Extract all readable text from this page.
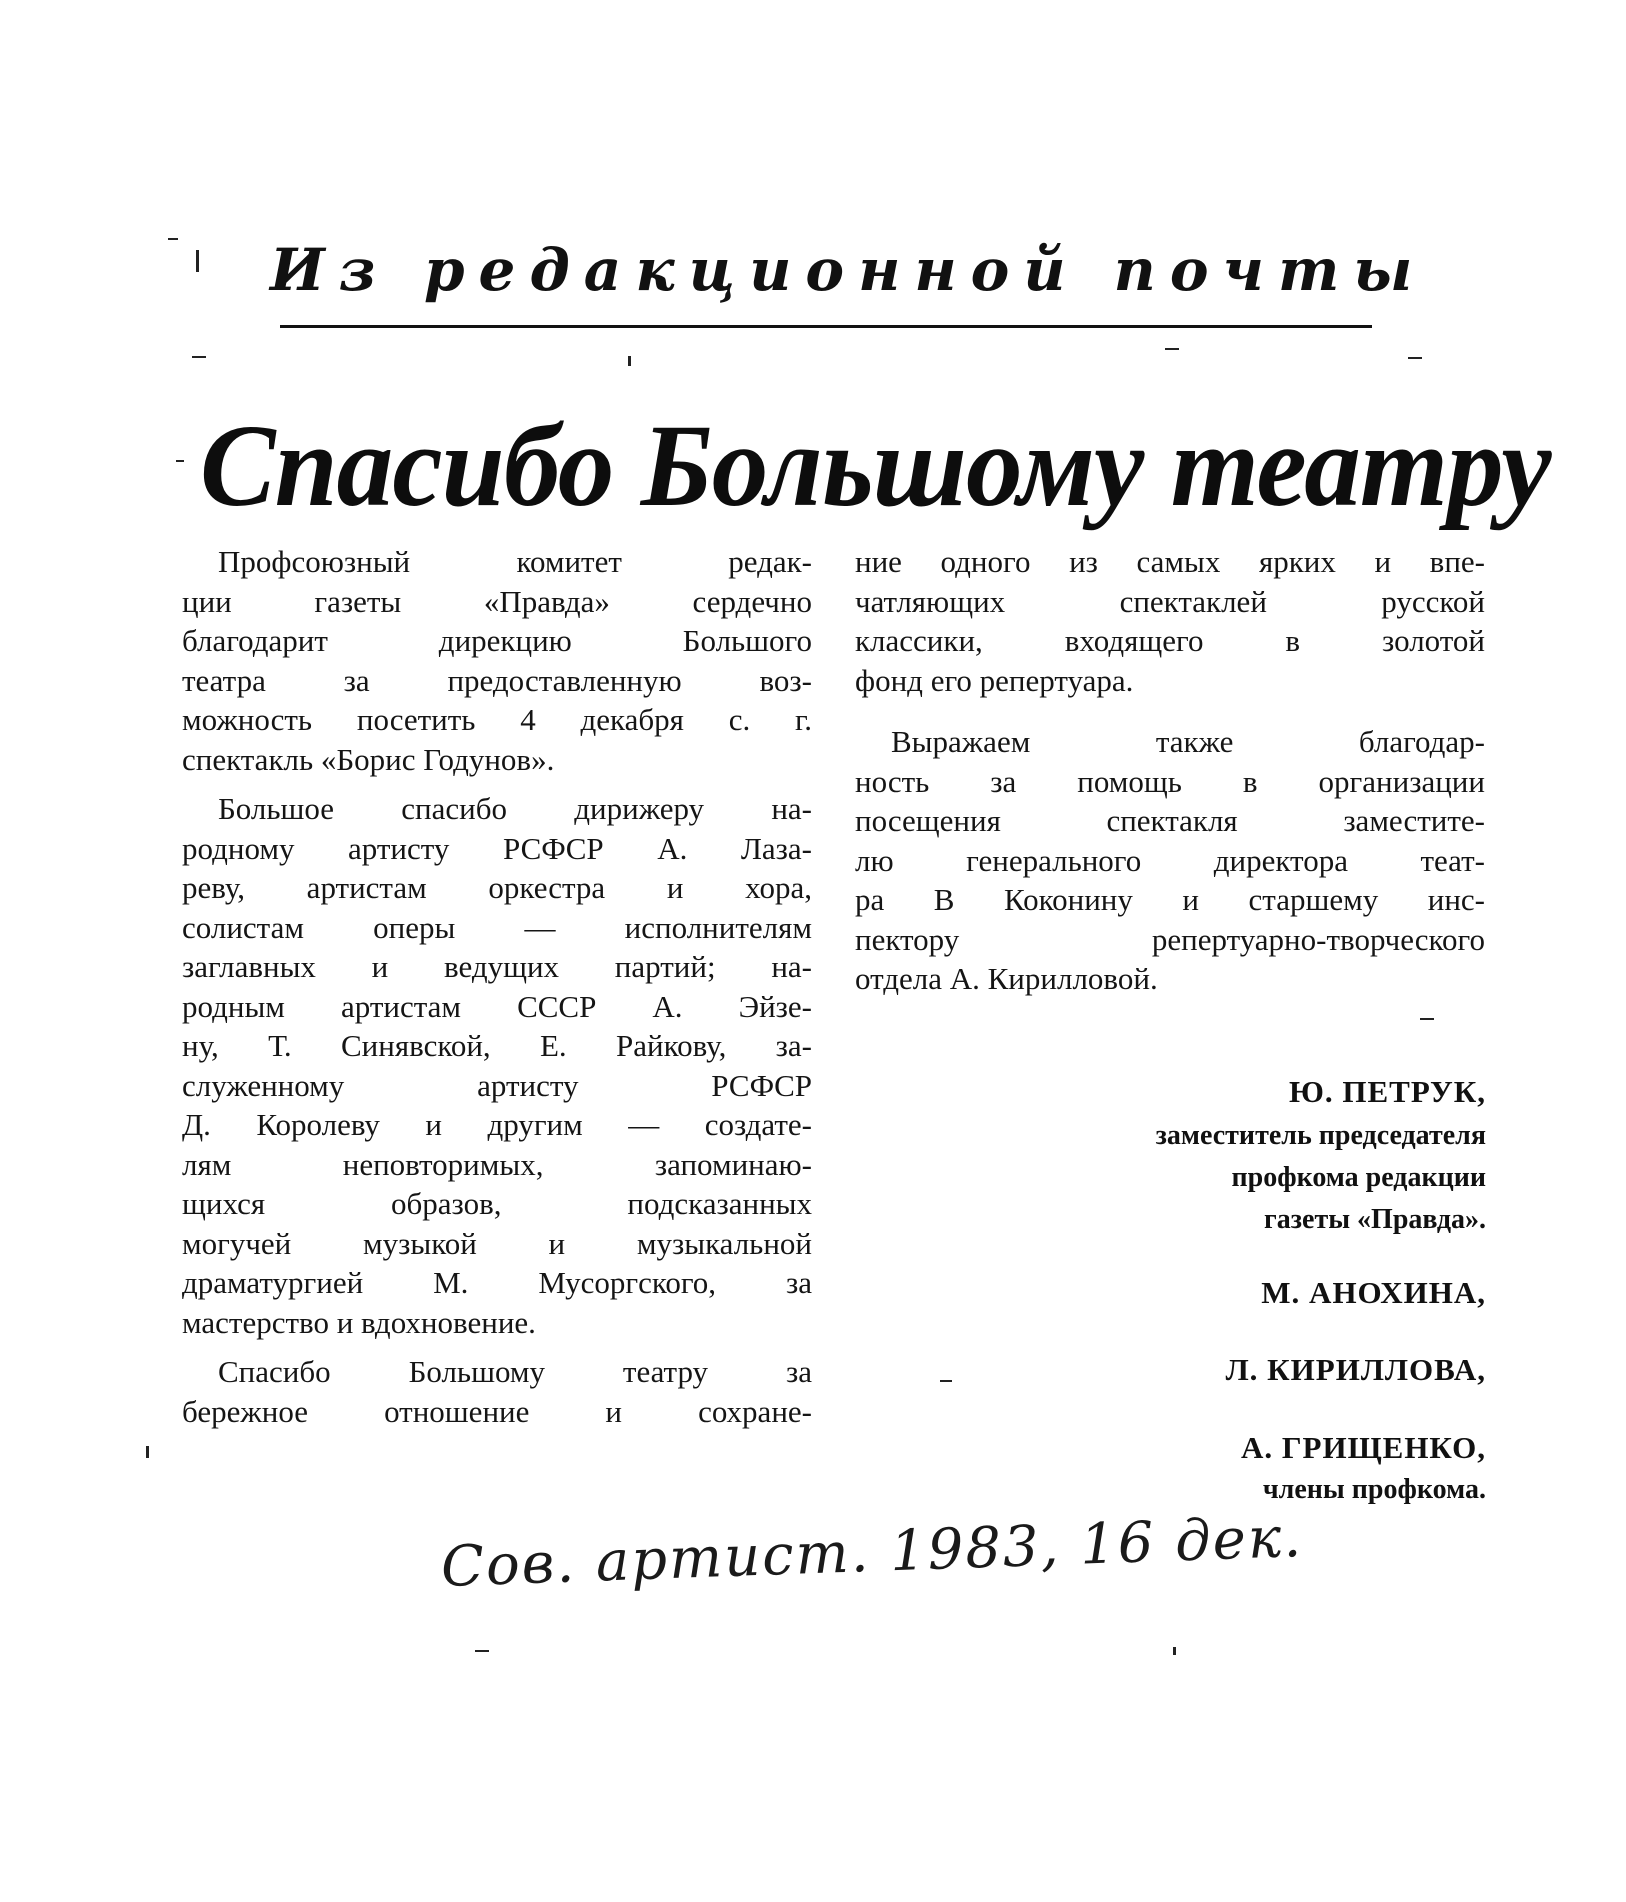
Из редакционной почты
Спасибо Большому театру
Профсоюзный комитет редак-
ции газеты «Правда» сердечно
благодарит дирекцию Большого
театра за предоставленную воз-
можность посетить 4 декабря с. г.
спектакль «Борис Годунов».
Большое спасибо дирижеру на-
родному артисту РСФСР А. Лаза-
реву, артистам оркестра и хора,
солистам оперы — исполнителям
заглавных и ведущих партий; на-
родным артистам СССР А. Эйзе-
ну, Т. Синявской, Е. Райкову, за-
служенному артисту РСФСР
Д. Королеву и другим — создате-
лям неповторимых, запоминаю-
щихся образов, подсказанных
могучей музыкой и музыкальной
драматургией М. Мусоргского, за
мастерство и вдохновение.
Спасибо Большому театру за
бережное отношение и сохране-
ние одного из самых ярких и впе-
чатляющих спектаклей русской
классики, входящего в золотой
фонд его репертуара.
Выражаем также благодар-
ность за помощь в организации
посещения спектакля заместите-
лю генерального директора теат-
ра В Коконину и старшему инс-
пектору репертуарно-творческого
отдела А. Кирилловой.
Ю. ПЕТРУК,
заместитель председателя
профкома редакции
газеты «Правда».
М. АНОХИНА,
Л. КИРИЛЛОВА,
А. ГРИЩЕНКО,
члены профкома.
Сов. артист. 1983, 16 дек.
